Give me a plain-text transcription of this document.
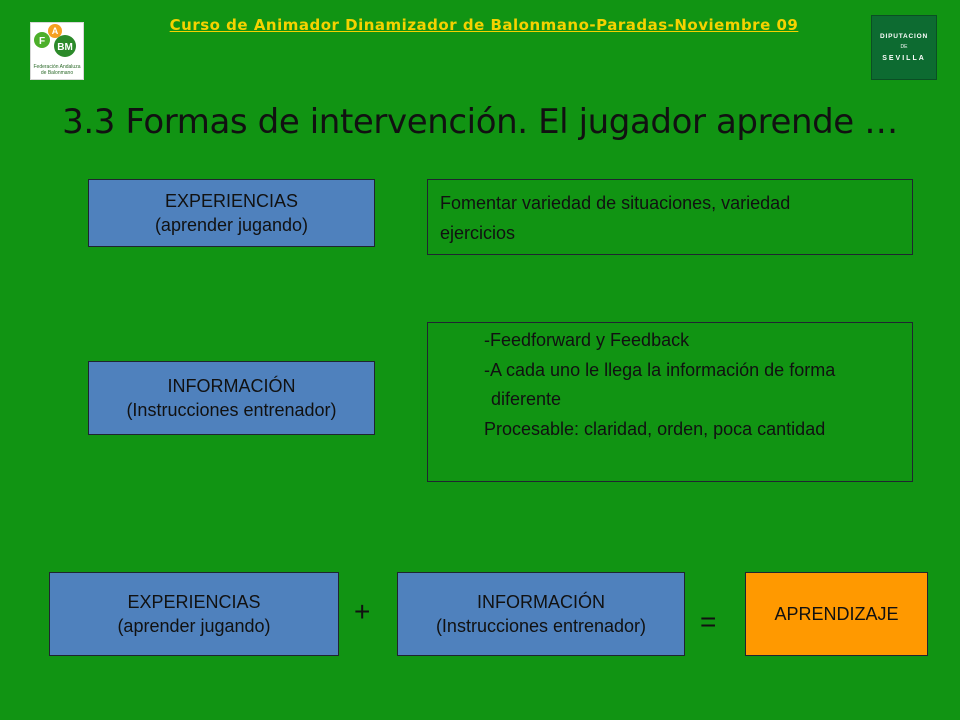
Curso de Animador Dinamizador de Balonmano-Paradas-Noviembre 09
F
A
BM
Federación Andaluza
de Balonmano
DIPUTACION
DE
SEVILLA
3.3 Formas de intervención. El jugador aprende …
EXPERIENCIAS
(aprender jugando)
Fomentar variedad de situaciones, variedad
ejercicios
INFORMACIÓN
(Instrucciones entrenador)
-Feedforward y Feedback
-A cada uno le llega la información de forma
diferente
Procesable: claridad, orden, poca cantidad
EXPERIENCIAS
(aprender jugando)	+	INFORMACIÓN
(Instrucciones entrenador) =	APRENDIZAJE
